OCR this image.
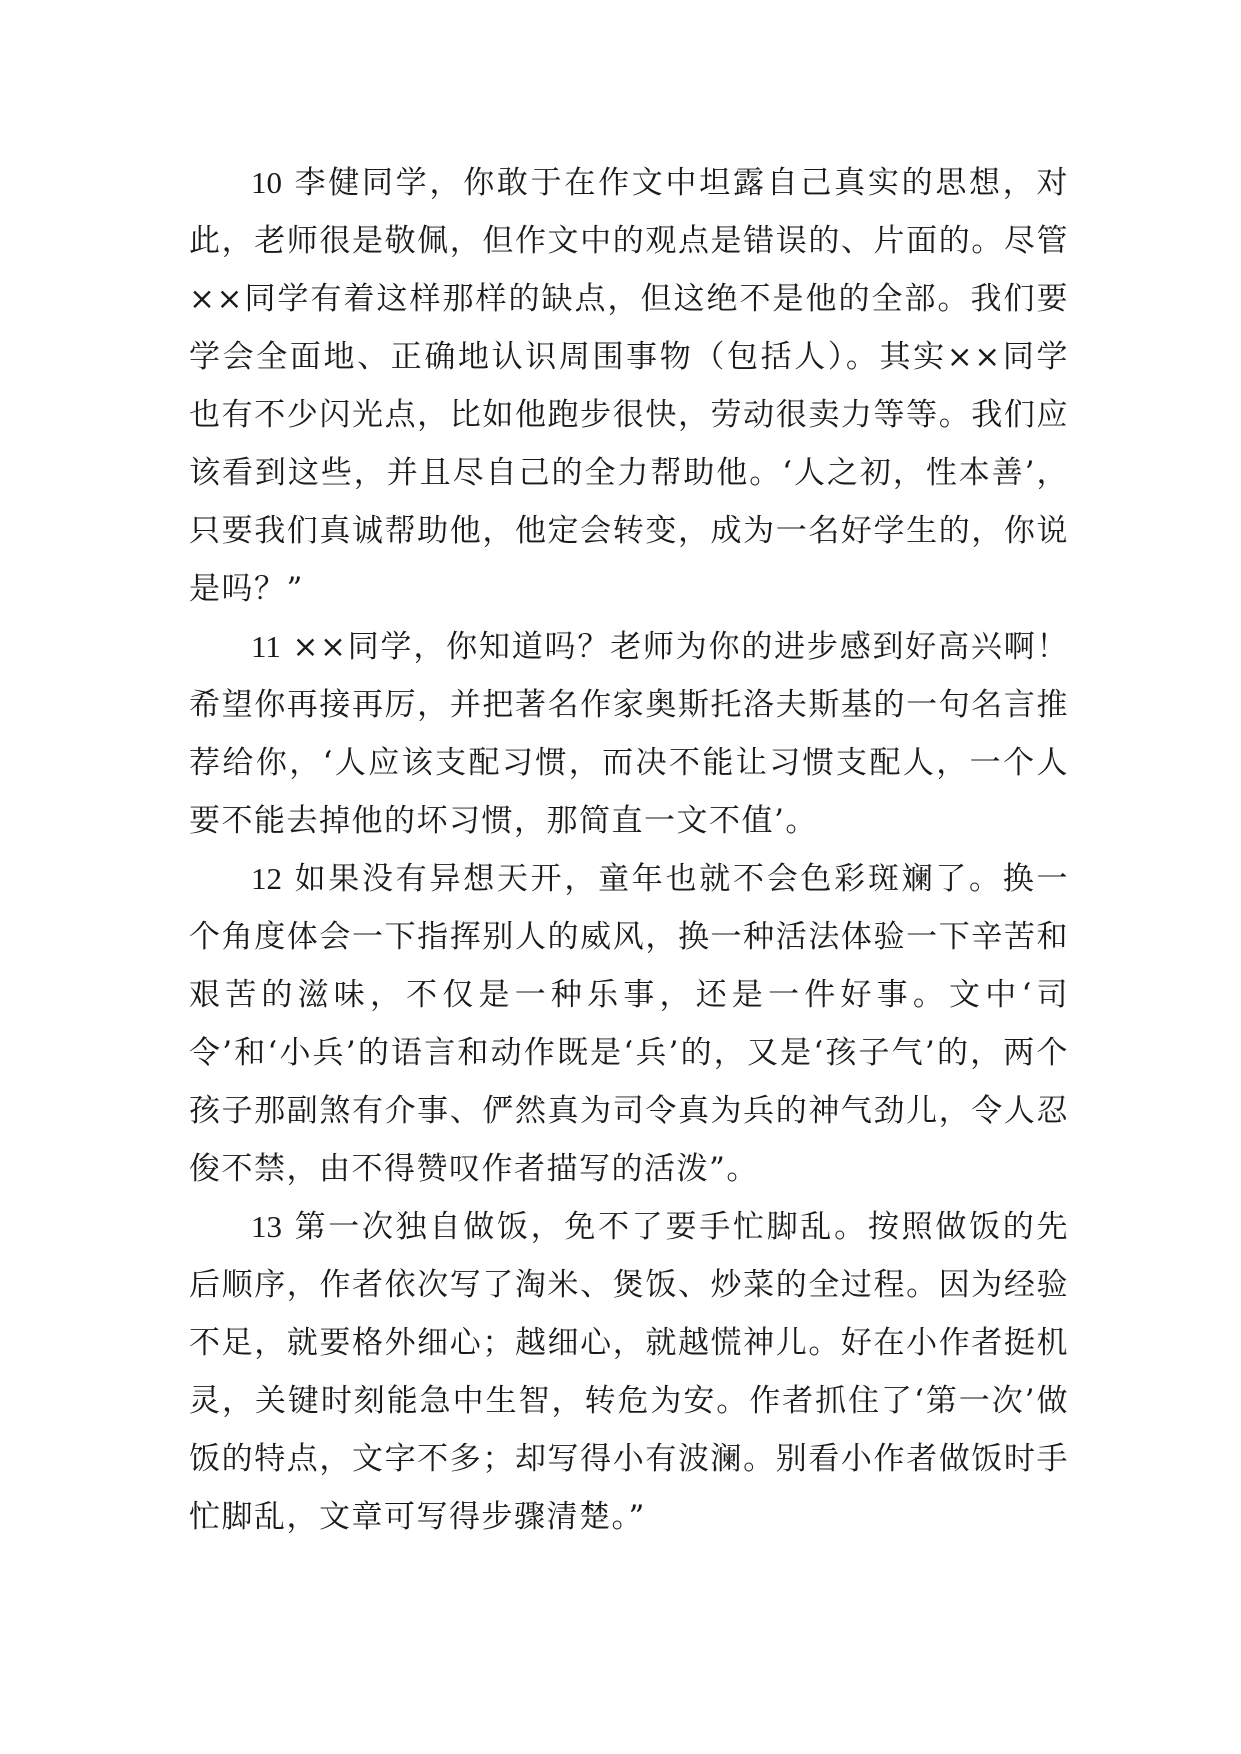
10 李健同学，你敢于在作文中坦露自己真实的思想，对此，老师很是敬佩，但作文中的观点是错误的、片面的。尽管××同学有着这样那样的缺点，但这绝不是他的全部。我们要学会全面地、正确地认识周围事物（包括人）。其实××同学也有不少闪光点，比如他跑步很快，劳动很卖力等等。我们应该看到这些，并且尽自己的全力帮助他。‘人之初，性本善’，只要我们真诚帮助他，他定会转变，成为一名好学生的，你说是吗？”

11 ××同学，你知道吗？老师为你的进步感到好高兴啊！希望你再接再厉，并把著名作家奥斯托洛夫斯基的一句名言推荐给你，‘人应该支配习惯，而决不能让习惯支配人，一个人要不能去掉他的坏习惯，那简直一文不值’。

12 如果没有异想天开，童年也就不会色彩斑斓了。换一个角度体会一下指挥别人的威风，换一种活法体验一下辛苦和艰苦的滋味，不仅是一种乐事，还是一件好事。文中‘司令’和‘小兵’的语言和动作既是‘兵’的，又是‘孩子气’的，两个孩子那副煞有介事、俨然真为司令真为兵的神气劲儿，令人忍俊不禁，由不得赞叹作者描写的活泼”。

13 第一次独自做饭，免不了要手忙脚乱。按照做饭的先后顺序，作者依次写了淘米、煲饭、炒菜的全过程。因为经验不足，就要格外细心；越细心，就越慌神儿。好在小作者挺机灵，关键时刻能急中生智，转危为安。作者抓住了‘第一次’做饭的特点，文字不多；却写得小有波澜。别看小作者做饭时手忙脚乱，文章可写得步骤清楚。”
